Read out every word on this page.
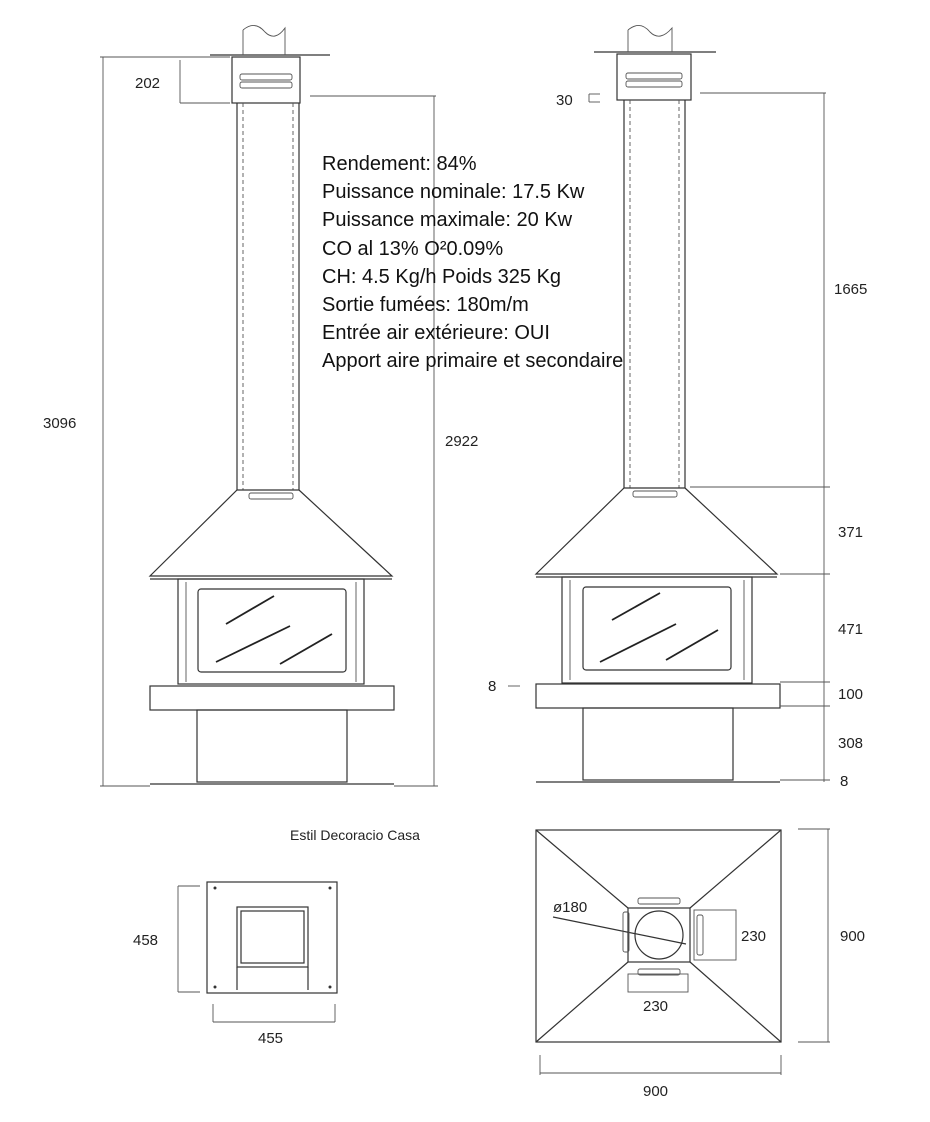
202
3096
2922
30
1665
371
471
8	100
308
8
Estil Decoracio Casa
458
455
ø180
230
230
900
900
Rendement: 84%
Puissance nominale: 17.5 Kw
Puissance maximale: 20 Kw
CO al 13% O²0.09%
CH: 4.5 Kg/h Poids 325 Kg
Sortie fumées: 180m/m
Entrée air extérieure: OUI
Apport aire primaire et secondaire
